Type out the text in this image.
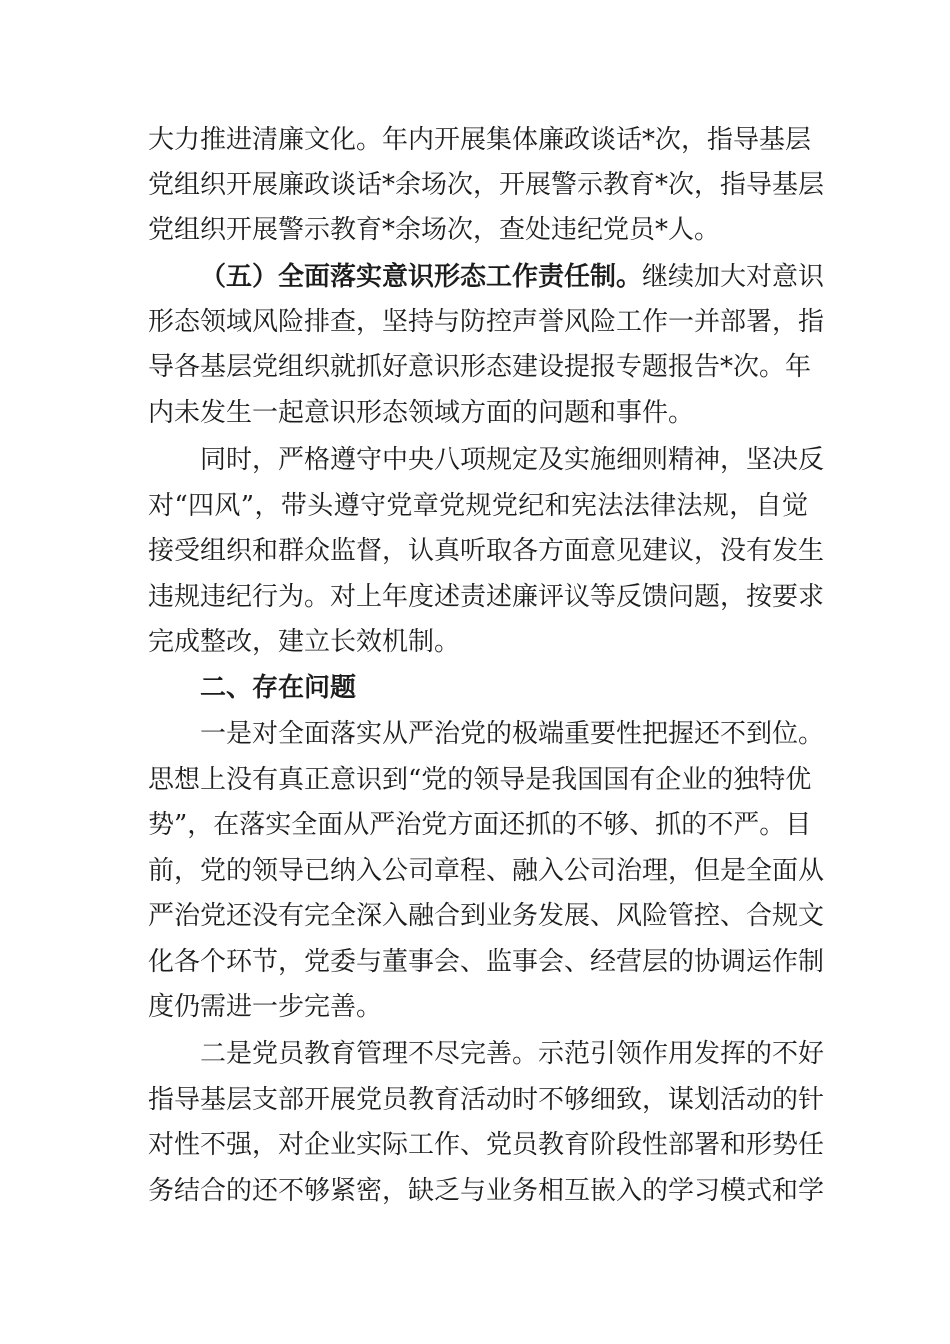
大力推进清廉文化。年内开展集体廉政谈话*次，指导基层
党组织开展廉政谈话*余场次，开展警示教育*次，指导基层
党组织开展警示教育*余场次，查处违纪党员*人。
（五）全面落实意识形态工作责任制。继续加大对意识
形态领域风险排查，坚持与防控声誉风险工作一并部署，指
导各基层党组织就抓好意识形态建设提报专题报告*次。年
内未发生一起意识形态领域方面的问题和事件。
同时，严格遵守中央八项规定及实施细则精神，坚决反
对“四风”，带头遵守党章党规党纪和宪法法律法规，自觉
接受组织和群众监督，认真听取各方面意见建议，没有发生
违规违纪行为。对上年度述责述廉评议等反馈问题，按要求
完成整改，建立长效机制。
二、存在问题
一是对全面落实从严治党的极端重要性把握还不到位。
思想上没有真正意识到“党的领导是我国国有企业的独特优
势”，在落实全面从严治党方面还抓的不够、抓的不严。目
前，党的领导已纳入公司章程、融入公司治理，但是全面从
严治党还没有完全深入融合到业务发展、风险管控、合规文
化各个环节，党委与董事会、监事会、经营层的协调运作制
度仍需进一步完善。
二是党员教育管理不尽完善。示范引领作用发挥的不好
指导基层支部开展党员教育活动时不够细致，谋划活动的针
对性不强，对企业实际工作、党员教育阶段性部署和形势任
务结合的还不够紧密，缺乏与业务相互嵌入的学习模式和学
